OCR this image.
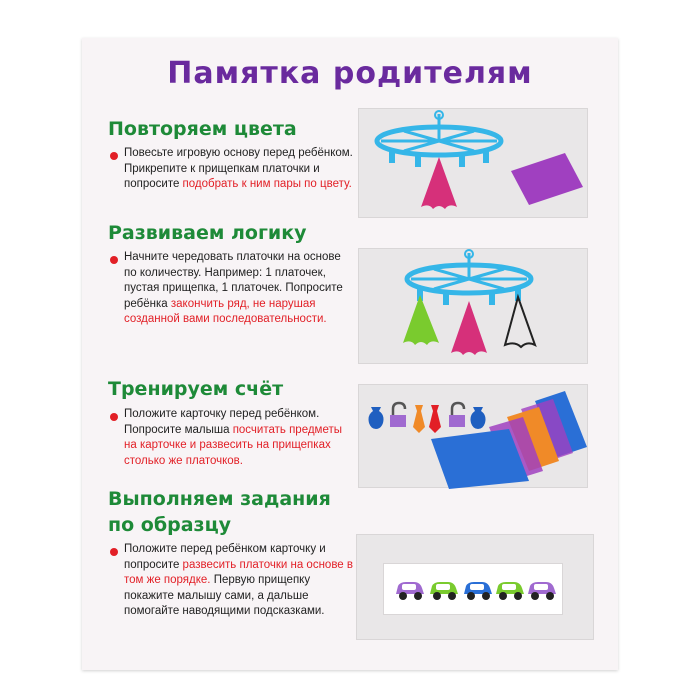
Памятка родителям
Повторяем цвета
Повесьте игровую основу перед ребёнком. Прикрепите к прищепкам платочки и попросите подобрать к ним пары по цвету.
Развиваем логику
Начните чередовать платочки на основе по количеству. Например: 1 платочек, пустая прищепка, 1 платочек. Попросите ребёнка закончить ряд, не нарушая созданной вами последовательности.
Тренируем счёт
Положите карточку перед ребёнком. Попросите малыша посчитать предметы на карточке и развесить на прищепках столько же платочков.
Выполняем задания
по образцу
Положите перед ребёнком карточку и попросите развесить платочки на основе в том же порядке. Первую прищепку покажите малышу сами, а дальше помогайте наводящими подсказками.
